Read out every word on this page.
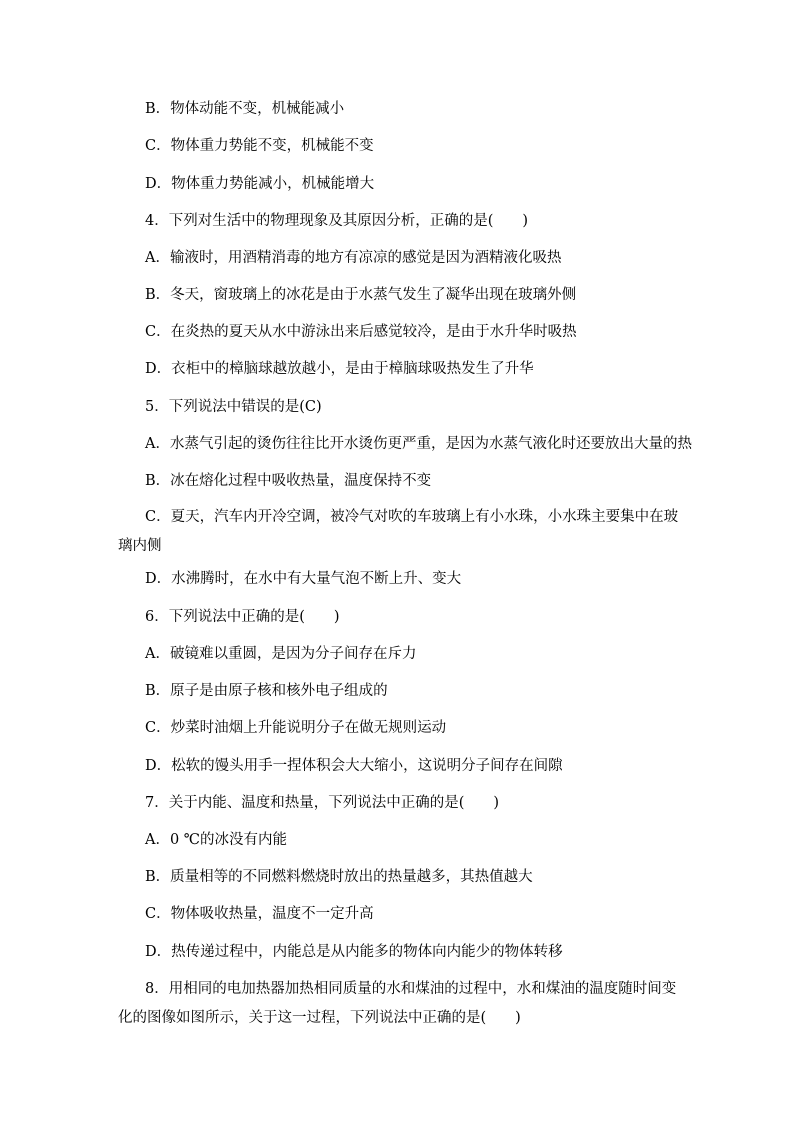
B．物体动能不变，机械能减小
C．物体重力势能不变，机械能不变
D．物体重力势能减小，机械能增大
4．下列对生活中的物理现象及其原因分析，正确的是(　　)
A．输液时，用酒精消毒的地方有凉凉的感觉是因为酒精液化吸热
B．冬天，窗玻璃上的冰花是由于水蒸气发生了凝华出现在玻璃外侧
C．在炎热的夏天从水中游泳出来后感觉较冷，是由于水升华时吸热
D．衣柜中的樟脑球越放越小，是由于樟脑球吸热发生了升华
5．下列说法中错误的是(C)
A．水蒸气引起的烫伤往往比开水烫伤更严重，是因为水蒸气液化时还要放出大量的热
B．冰在熔化过程中吸收热量，温度保持不变
C．夏天，汽车内开冷空调，被冷气对吹的车玻璃上有小水珠，小水珠主要集中在玻璃内侧
D．水沸腾时，在水中有大量气泡不断上升、变大
6．下列说法中正确的是(　　)
A．破镜难以重圆，是因为分子间存在斥力
B．原子是由原子核和核外电子组成的
C．炒菜时油烟上升能说明分子在做无规则运动
D．松软的馒头用手一捏体积会大大缩小，这说明分子间存在间隙
7．关于内能、温度和热量，下列说法中正确的是(　　)
A．0 ℃的冰没有内能
B．质量相等的不同燃料燃烧时放出的热量越多，其热值越大
C．物体吸收热量，温度不一定升高
D．热传递过程中，内能总是从内能多的物体向内能少的物体转移
8．用相同的电加热器加热相同质量的水和煤油的过程中，水和煤油的温度随时间变化的图像如图所示，关于这一过程，下列说法中正确的是(　　)
